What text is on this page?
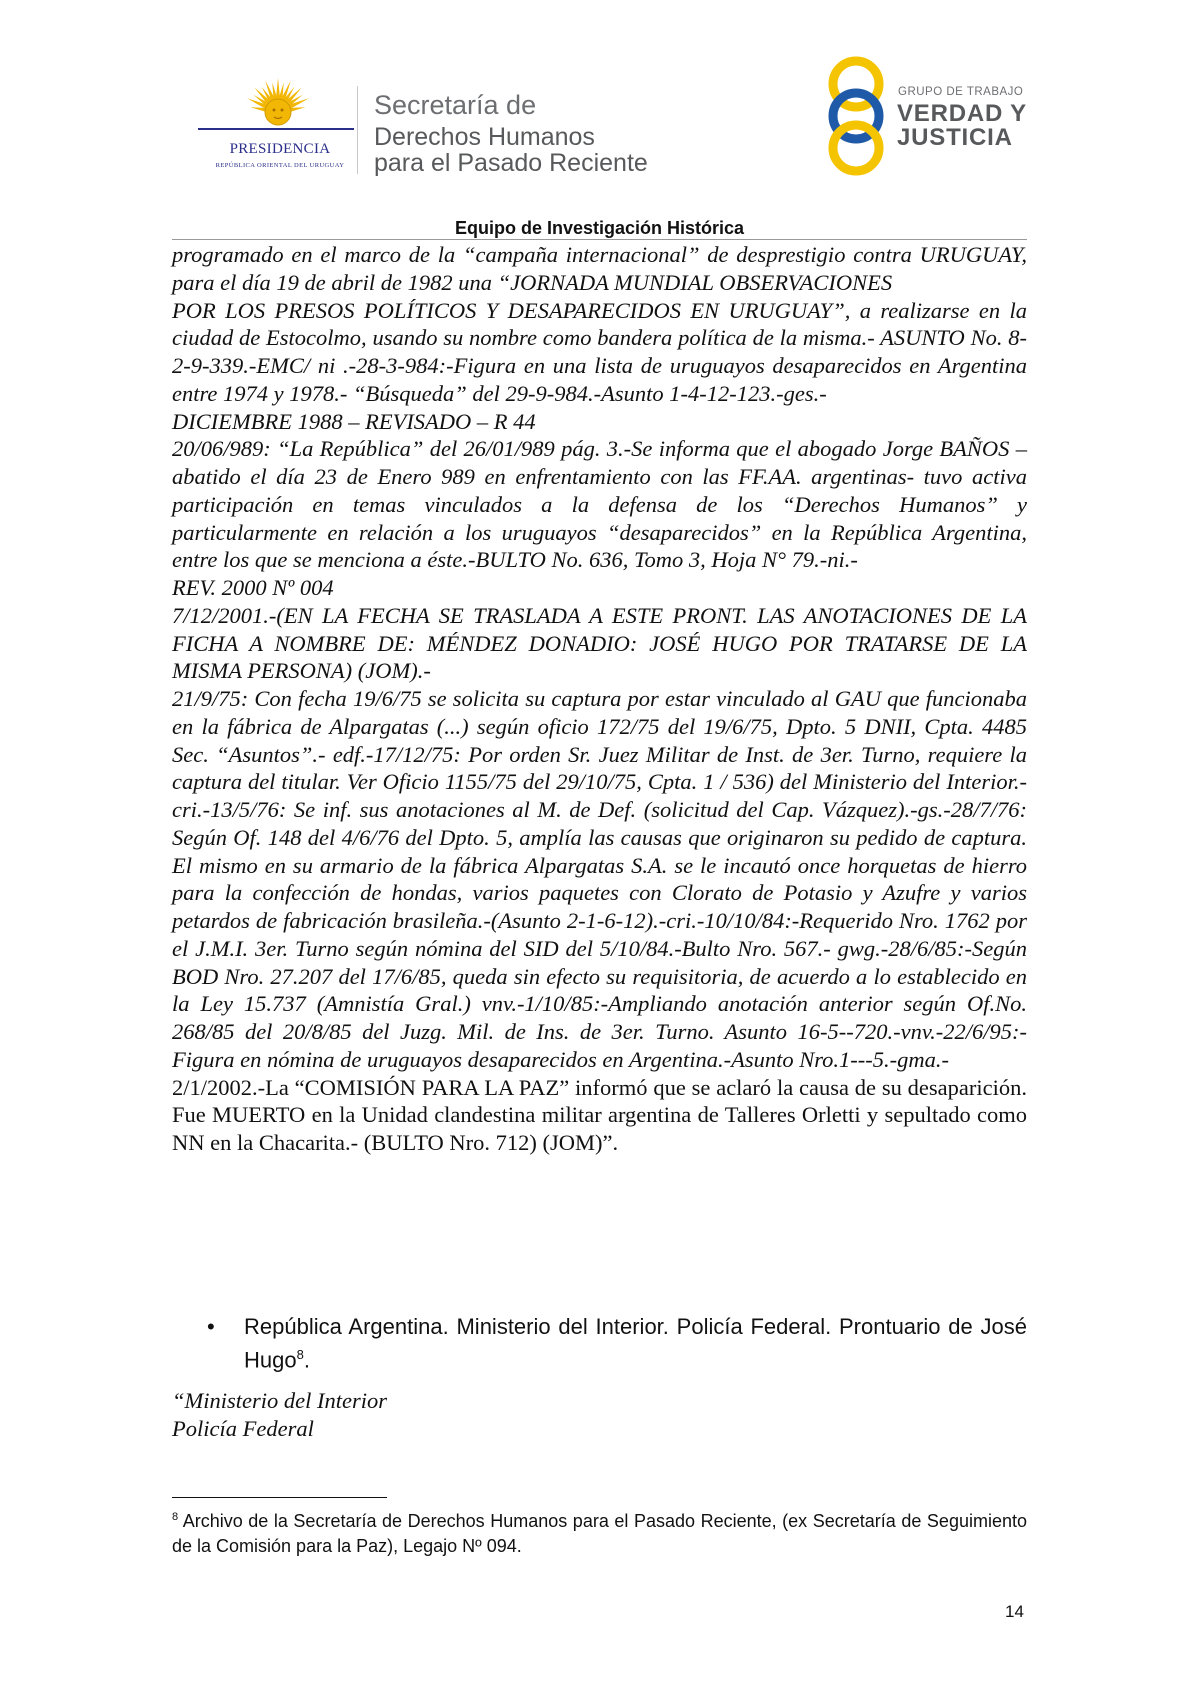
PRESIDENCIA
REPÚBLICA ORIENTAL DEL URUGUAY
Secretaría de
Derechos Humanos
para el Pasado Reciente
GRUPO DE TRABAJO
VERDAD Y
JUSTICIA
Equipo de Investigación Histórica

programado en el marco de la “campaña internacional” de desprestigio contra URUGUAY, para el día 19 de abril de 1982 una “JORNADA MUNDIAL OBSERVACIONES

POR LOS PRESOS POLÍTICOS Y DESAPARECIDOS EN URUGUAY”, a realizarse en la ciudad de Estocolmo, usando su nombre como bandera política de la misma.- ASUNTO No. 8-2-9-339.-EMC/ ni .-28-3-984:-Figura en una lista de uruguayos desaparecidos en Argentina entre 1974 y 1978.- “Búsqueda” del 29-9-984.-Asunto 1-4-12-123.-ges.-

DICIEMBRE 1988 – REVISADO – R 44

20/06/989: “La República” del 26/01/989 pág. 3.-Se informa que el abogado Jorge BAÑOS – abatido el día 23 de Enero 989 en enfrentamiento con las FF.AA. argentinas- tuvo activa participación en temas vinculados a la defensa de los “Derechos Humanos” y particularmente en relación a los uruguayos “desaparecidos” en la República Argentina, entre los que se menciona a éste.-BULTO No. 636, Tomo 3, Hoja N° 79.-ni.-

REV. 2000 Nº 004

7/12/2001.-(EN LA FECHA SE TRASLADA A ESTE PRONT. LAS ANOTACIONES DE LA FICHA A NOMBRE DE: MÉNDEZ DONADIO: JOSÉ HUGO POR TRATARSE DE LA MISMA PERSONA) (JOM).-

21/9/75: Con fecha 19/6/75 se solicita su captura por estar vinculado al GAU que funcionaba en la fábrica de Alpargatas (...) según oficio 172/75 del 19/6/75, Dpto. 5 DNII, Cpta. 4485 Sec. “Asuntos”.- edf.-17/12/75: Por orden Sr. Juez Militar de Inst. de 3er. Turno, requiere la captura del titular. Ver Oficio 1155/75 del 29/10/75, Cpta. 1 / 536) del Ministerio del Interior.-cri.-13/5/76: Se inf. sus anotaciones al M. de Def. (solicitud del Cap. Vázquez).-gs.-28/7/76: Según Of. 148 del 4/6/76 del Dpto. 5, amplía las causas que originaron su pedido de captura. El mismo en su armario de la fábrica Alpargatas S.A. se le incautó once horquetas de hierro para la confección de hondas, varios paquetes con Clorato de Potasio y Azufre y varios petardos de fabricación brasileña.-(Asunto 2-1-6-12).-cri.-10/10/84:-Requerido Nro. 1762 por el J.M.I. 3er. Turno según nómina del SID del 5/10/84.-Bulto Nro. 567.- gwg.-28/6/85:-Según BOD Nro. 27.207 del 17/6/85, queda sin efecto su requisitoria, de acuerdo a lo establecido en la Ley 15.737 (Amnistía Gral.) vnv.-1/10/85:-Ampliando anotación anterior según Of.No. 268/85 del 20/8/85 del Juzg. Mil. de Ins. de 3er. Turno. Asunto 16-5--720.-vnv.-22/6/95:-Figura en nómina de uruguayos desaparecidos en Argentina.-Asunto Nro.1---5.-gma.-

2/1/2002.-La “COMISIÓN PARA LA PAZ” informó que se aclaró la causa de su desaparición. Fue MUERTO en la Unidad clandestina militar argentina de Talleres Orletti y sepultado como NN en la Chacarita.- (BULTO Nro. 712) (JOM)”.

• República Argentina. Ministerio del Interior. Policía Federal. Prontuario de José Hugo$^8$.

“Ministerio del Interior

Policía Federal

$^8$ Archivo de la Secretaría de Derechos Humanos para el Pasado Reciente, (ex Secretaría de Seguimiento de la Comisión para la Paz), Legajo Nº 094.
14
